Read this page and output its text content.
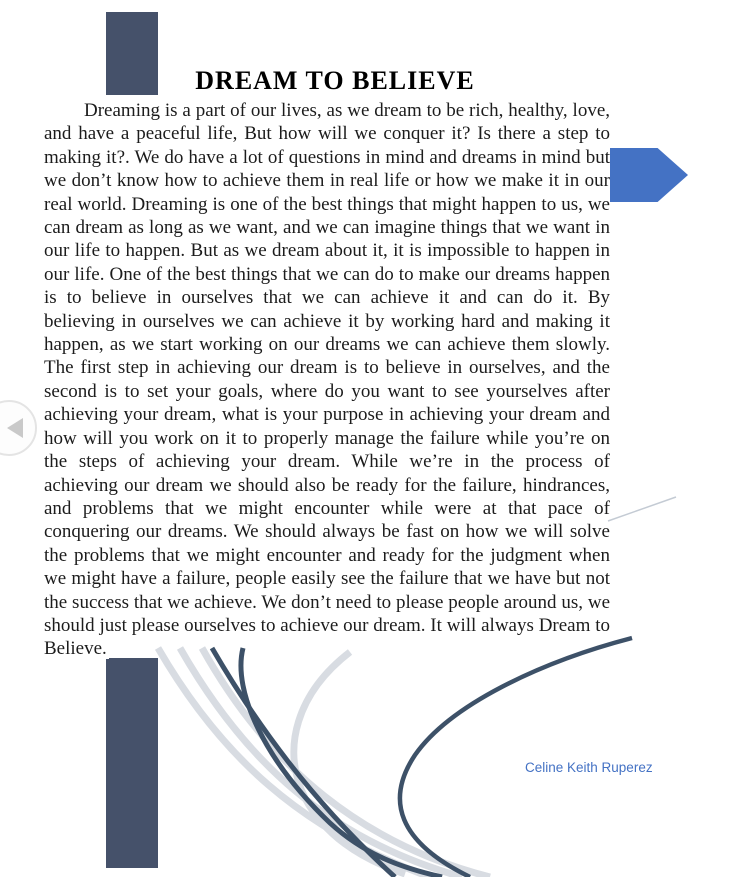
DREAM TO BELIEVE

Dreaming is a part of our lives, as we dream to be rich, healthy, love, and have a peaceful life, But how will we conquer it? Is there a step to making it?. We do have a lot of questions in mind and dreams in mind but we don’t know how to achieve them in real life or how we make it in our real world. Dreaming is one of the best things that might happen to us, we can dream as long as we want, and we can imagine things that we want in our life to happen. But as we dream about it, it is impossible to happen in our life. One of the best things that we can do to make our dreams happen is to believe in ourselves that we can achieve it and can do it. By believing in ourselves we can achieve it by working hard and making it happen, as we start working on our dreams we can achieve them slowly. The first step in achieving our dream is to believe in ourselves, and the second is to set your goals, where do you want to see yourselves after achieving your dream, what is your purpose in achieving your dream and how will you work on it to properly manage the failure while you’re on the steps of achieving your dream. While we’re in the process of achieving our dream we should also be ready for the failure, hindrances, and problems that we might encounter while were at that pace of conquering our dreams. We should always be fast on how we will solve the problems that we might encounter and ready for the judgment when we might have a failure, people easily see the failure that we have but not the success that we achieve. We don’t need to please people around us, we should just please ourselves to achieve our dream. It will always Dream to Believe.

Celine Keith Ruperez
